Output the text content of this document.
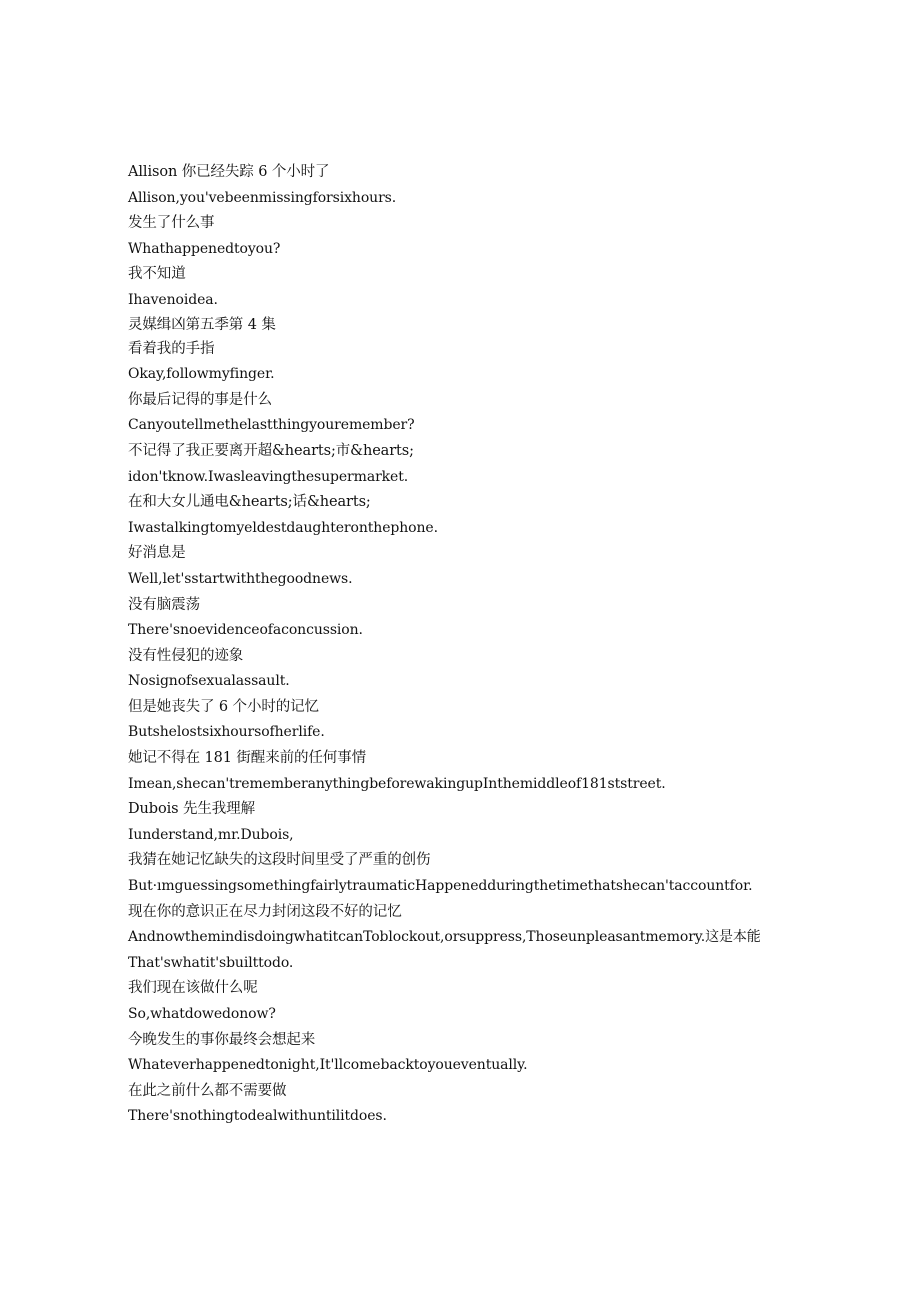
Allison 你已经失踪 6 个小时了
Allison,you'vebeenmissingforsixhours.
发生了什么事
Whathappenedtoyou?
我不知道
Ihavenoidea.
灵媒缉凶第五季第 4 集
看着我的手指
Okay,followmyfinger.
你最后记得的事是什么
Canyoutellmethelastthingyouremember?
不记得了我正要离开超&hearts;市&hearts;
idon'tknow.Iwasleavingthesupermarket.
在和大女儿通电&hearts;话&hearts;
Iwastalkingtomyeldestdaughteronthephone.
好消息是
Well,let'sstartwiththegoodnews.
没有脑震荡
There'snoevidenceofaconcussion.
没有性侵犯的迹象
Nosignofsexualassault.
但是她丧失了 6 个小时的记忆
Butshelostsixhoursofherlife.
她记不得在 181 街醒来前的任何事情
Imean,shecan'trememberanythingbeforewakingupInthemiddleof181ststreet.
Dubois 先生我理解
Iunderstand,mr.Dubois,
我猜在她记忆缺失的这段时间里受了严重的创伤
But·ımguessingsomethingfairlytraumaticHappenedduringthetimethatshecan'taccountfor.
现在你的意识正在尽力封闭这段不好的记忆
AndnowthemindisdoingwhatitcanToblockout,orsuppress,Thoseunpleasantmemory.这是本能
That'swhatit'sbuilttodo.
我们现在该做什么呢
So,whatdowedonow?
今晚发生的事你最终会想起来
Whateverhappenedtonight,It'llcomebacktoyoueventually.
在此之前什么都不需要做
There'snothingtodealwithuntilitdoes.
